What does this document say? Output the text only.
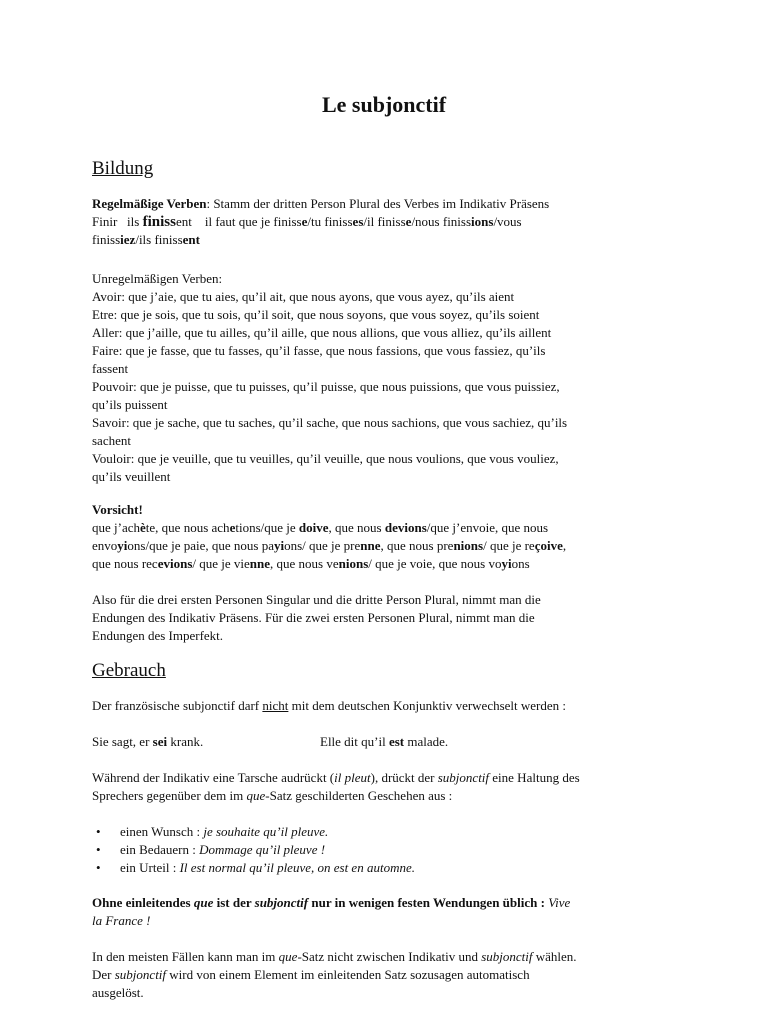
Le subjonctif
Bildung

Regelmäßige Verben: Stamm der dritten Person Plural des Verbes im Indikativ Präsens
Finir ils finissent il faut que je finisse/tu finisses/il finisse/nous finissions/vous
finissiez/ils finissent

Unregelmäßigen Verben:
Avoir: que j’aie, que tu aies, qu’il ait, que nous ayons, que vous ayez, qu’ils aient
Etre: que je sois, que tu sois, qu’il soit, que nous soyons, que vous soyez, qu’ils soient
Aller: que j’aille, que tu ailles, qu’il aille, que nous allions, que vous alliez, qu’ils aillent
Faire: que je fasse, que tu fasses, qu’il fasse, que nous fassions, que vous fassiez, qu’ils
fassent
Pouvoir: que je puisse, que tu puisses, qu’il puisse, que nous puissions, que vous puissiez,
qu’ils puissent
Savoir: que je sache, que tu saches, qu’il sache, que nous sachions, que vous sachiez, qu’ils
sachent
Vouloir: que je veuille, que tu veuilles, qu’il veuille, que nous voulions, que vous vouliez,
qu’ils veuillent

Vorsicht!
que j’achète, que nous achetions/que je doive, que nous devions/que j’envoie, que nous
envoyions/que je paie, que nous payions/ que je prenne, que nous prenions/ que je reçoive,
que nous recevions/ que je vienne, que nous venions/ que je voie, que nous voyions

Also für die drei ersten Personen Singular und die dritte Person Plural, nimmt man die
Endungen des Indikativ Präsens. Für die zwei ersten Personen Plural, nimmt man die
Endungen des Imperfekt.

Gebrauch

Der französische subjonctif darf nicht mit dem deutschen Konjunktiv verwechselt werden :

Sie sagt, er sei krank.	Elle dit qu’il est malade.

Während der Indikativ eine Tarsche audrückt (il pleut), drückt der subjonctif eine Haltung des
Sprechers gegenüber dem im que-Satz geschilderten Geschehen aus :

• einen Wunsch : je souhaite qu’il pleuve.
• ein Bedauern : Dommage qu’il pleuve !
• ein Urteil : Il est normal qu’il pleuve, on est en automne.

Ohne einleitendes que ist der subjonctif nur in wenigen festen Wendungen üblich : Vive
la France !

In den meisten Fällen kann man im que-Satz nicht zwischen Indikativ und subjonctif wählen.
Der subjonctif wird von einem Element im einleitenden Satz sozusagen automatisch
ausgelöst.
